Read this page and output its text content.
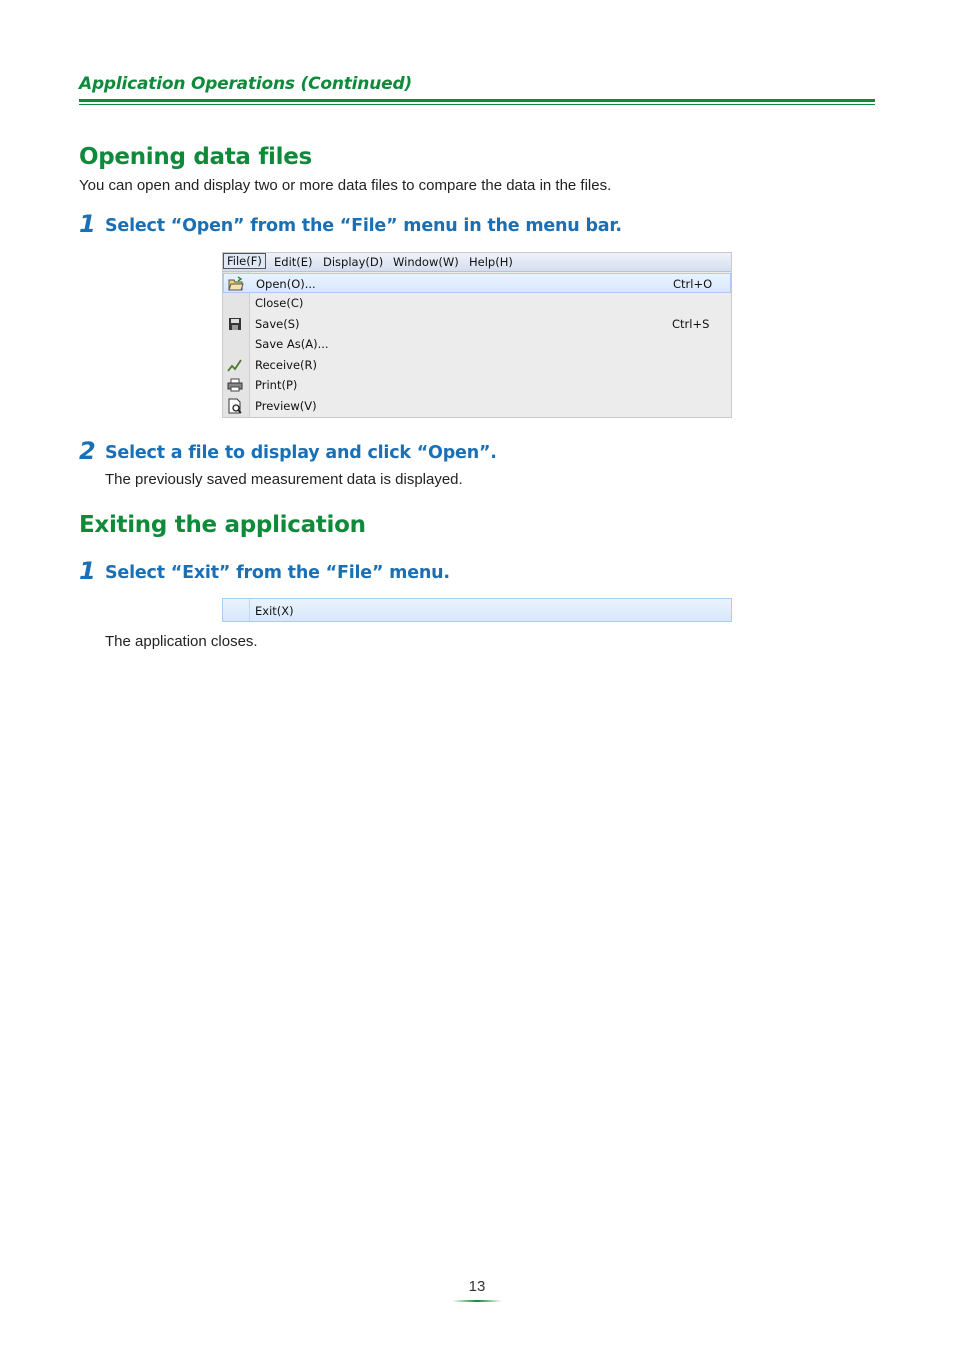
Application Operations (Continued)
Opening data files
You can open and display two or more data files to compare the data in the files.
1 Select “Open” from the “File” menu in the menu bar.
File(F)	Edit(E) Display(D) Window(W) Help(H)
Open(O)...	Ctrl+O
Close(C)
Save(S)	Ctrl+S
Save As(A)...
Receive(R)
Print(P)
Preview(V)
2 Select a file to display and click “Open”.
The previously saved measurement data is displayed.
Exiting the application
1 Select “Exit” from the “File” menu.
Exit(X)
The application closes.
13
